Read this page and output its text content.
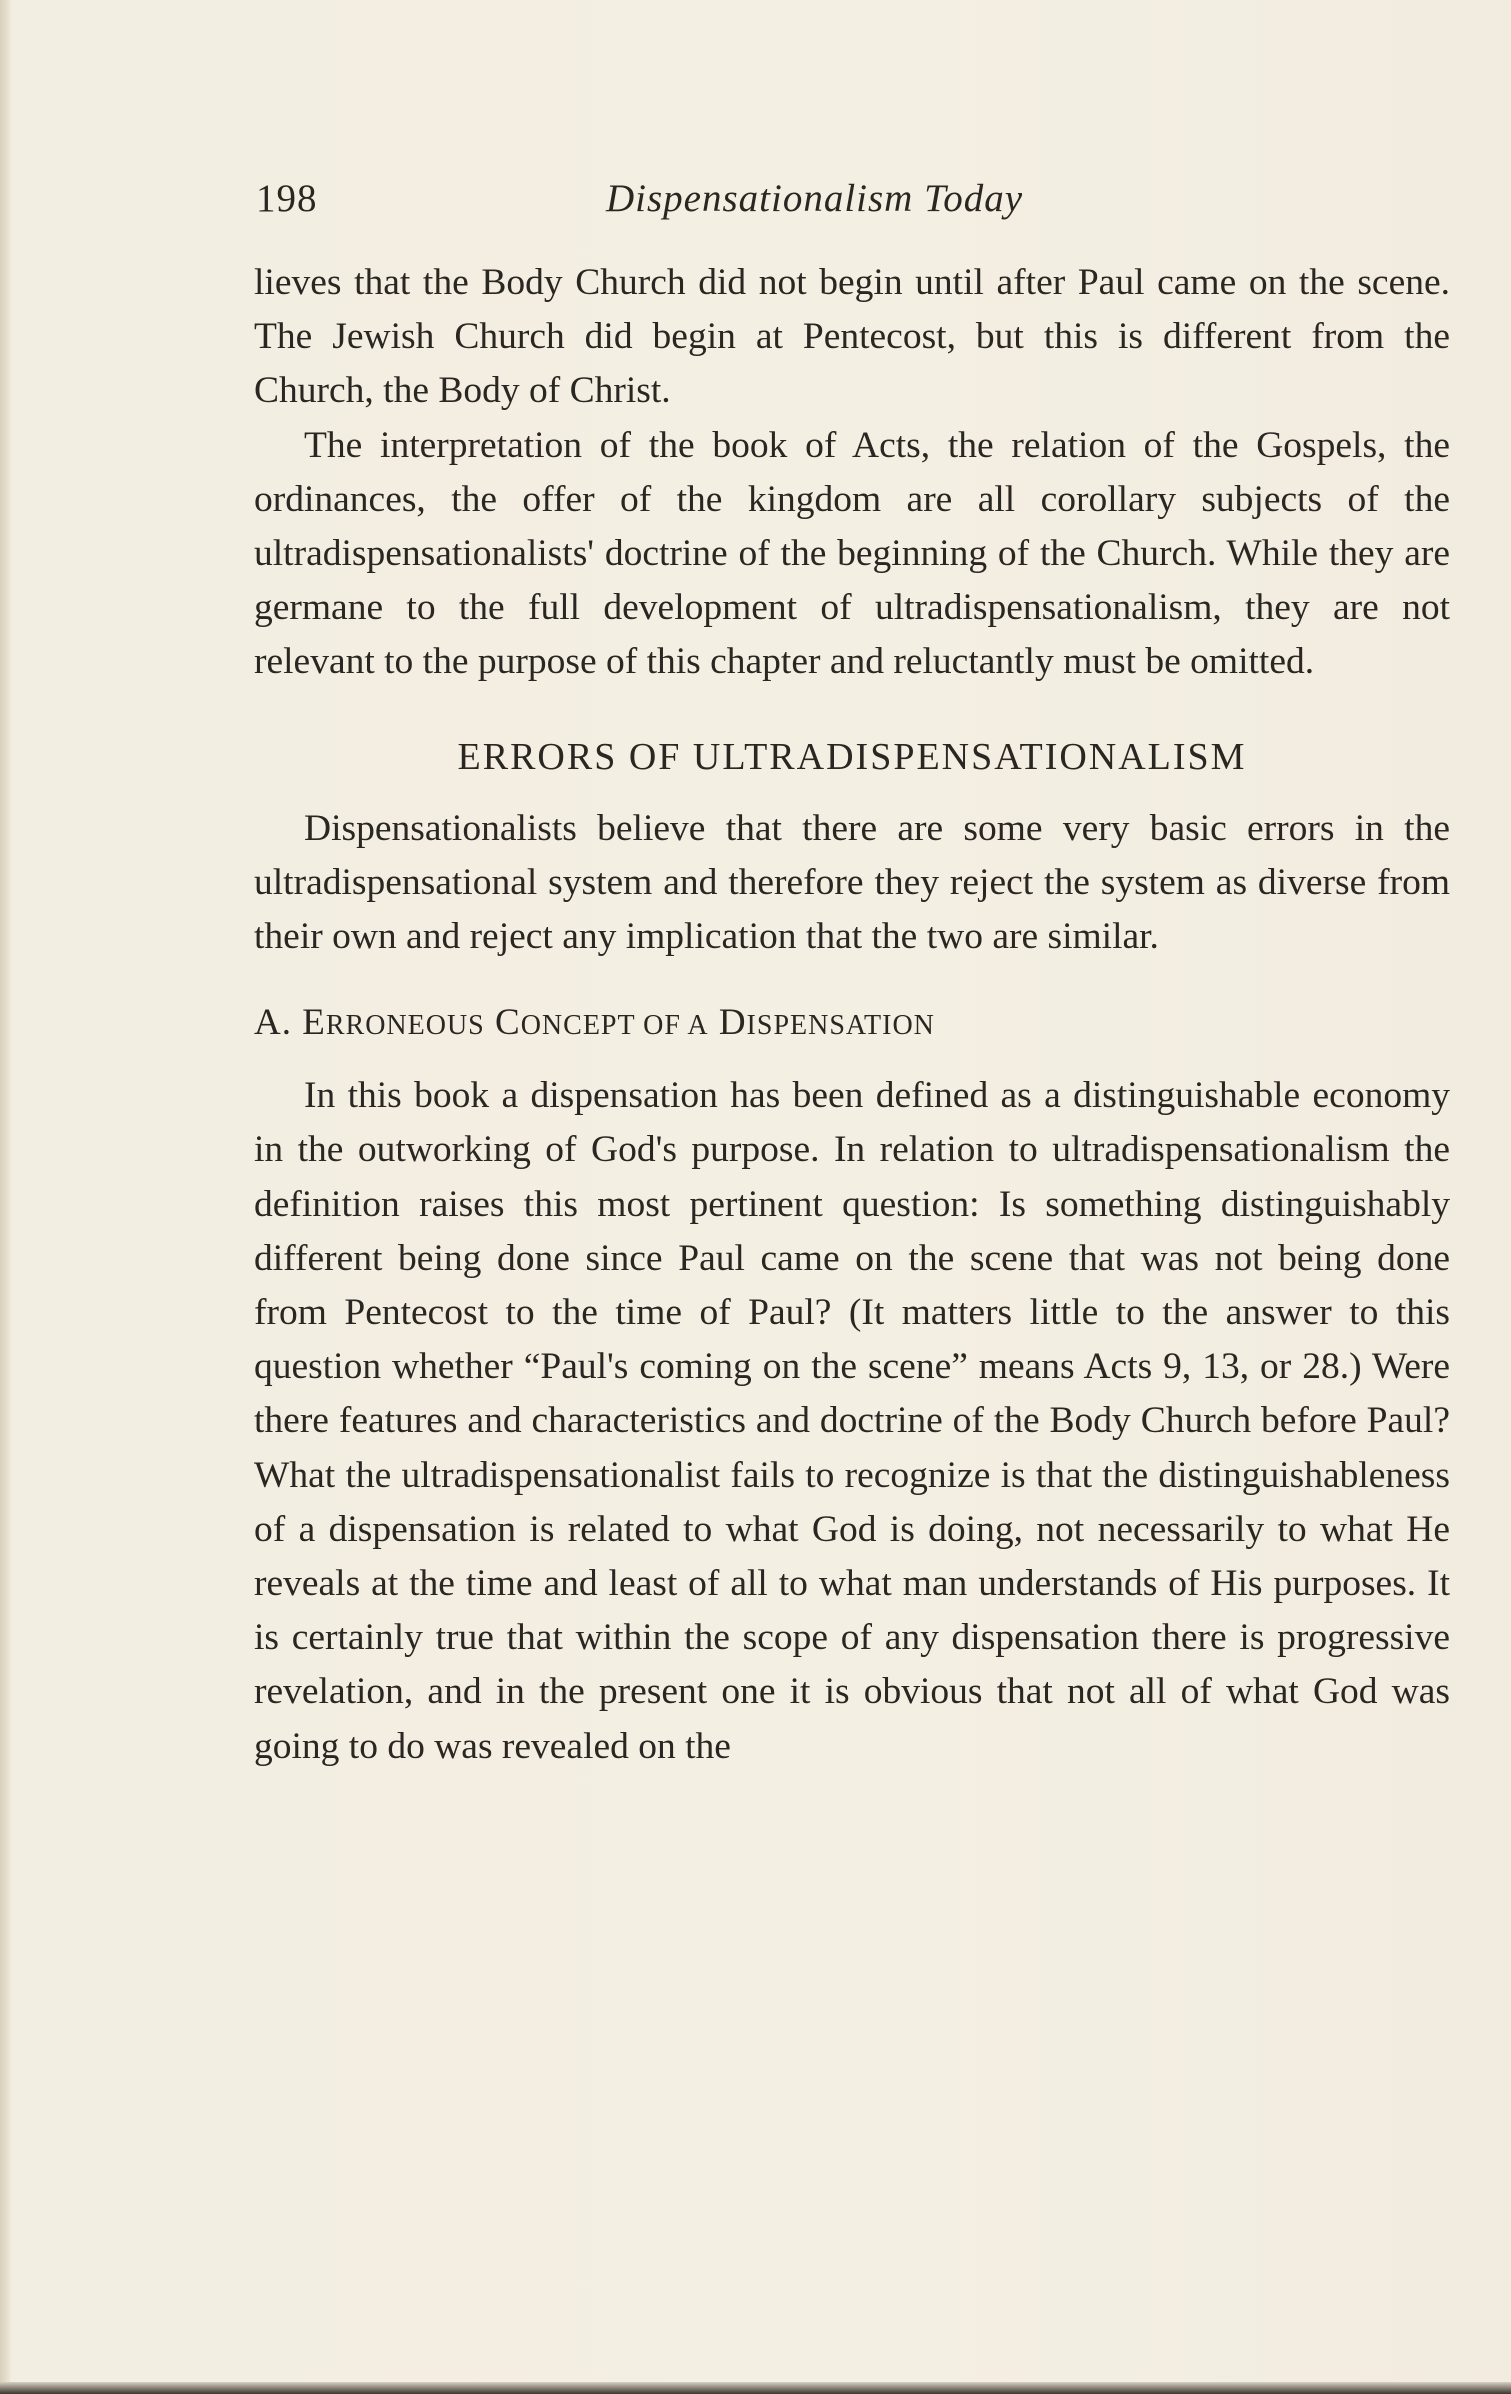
198	Dispensationalism Today

lieves that the Body Church did not begin until after Paul came on the scene. The Jewish Church did begin at Pentecost, but this is different from the Church, the Body of Christ.

The interpretation of the book of Acts, the relation of the Gospels, the ordinances, the offer of the kingdom are all corollary subjects of the ultradispensationalists' doctrine of the beginning of the Church. While they are germane to the full development of ultradispensationalism, they are not relevant to the purpose of this chapter and reluctantly must be omitted.

ERRORS OF ULTRADISPENSATIONALISM

Dispensationalists believe that there are some very basic errors in the ultradispensational system and therefore they reject the system as diverse from their own and reject any implication that the two are similar.

A. ERRONEOUS CONCEPT OF A DISPENSATION

In this book a dispensation has been defined as a distinguishable economy in the outworking of God's purpose. In relation to ultradispensationalism the definition raises this most pertinent question: Is something distinguishably different being done since Paul came on the scene that was not being done from Pentecost to the time of Paul? (It matters little to the answer to this question whether “Paul's coming on the scene” means Acts 9, 13, or 28.) Were there features and characteristics and doctrine of the Body Church before Paul? What the ultradispensationalist fails to recognize is that the distinguishableness of a dispensation is related to what God is doing, not necessarily to what He reveals at the time and least of all to what man understands of His purposes. It is certainly true that within the scope of any dispensation there is progressive revelation, and in the present one it is obvious that not all of what God was going to do was revealed on the
